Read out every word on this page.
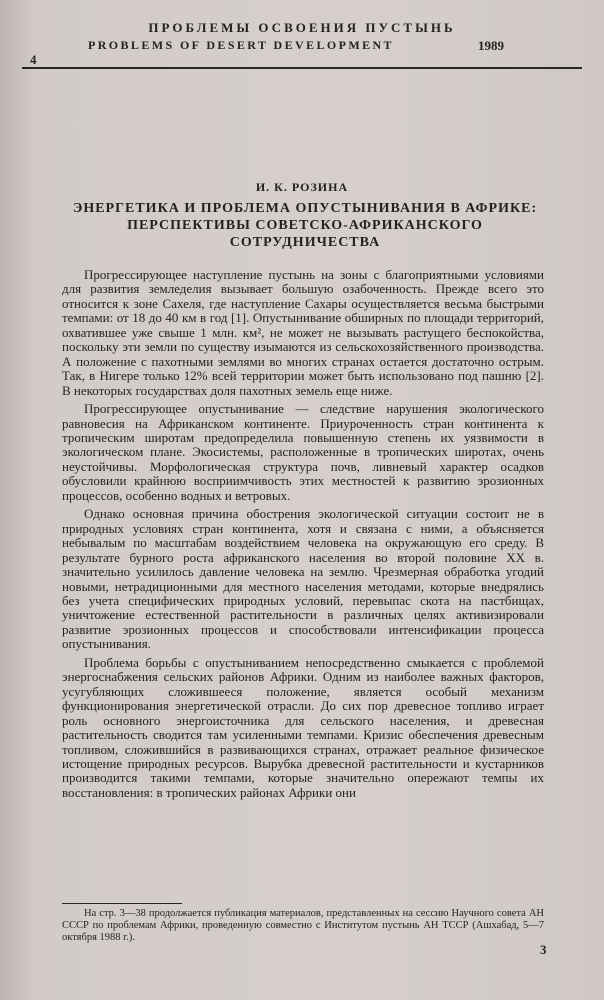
ПРОБЛЕМЫ ОСВОЕНИЯ ПУСТЫНЬ
4
PROBLEMS OF DESERT DEVELOPMENT	1989
И. К. РОЗИНА
ЭНЕРГЕТИКА И ПРОБЛЕМА ОПУСТЫНИВАНИЯ В АФРИКЕ:
ПЕРСПЕКТИВЫ СОВЕТСКО-АФРИКАНСКОГО
СОТРУДНИЧЕСТВА

Прогрессирующее наступление пустынь на зоны с благоприятными условиями для развития земледелия вызывает большую озабоченность. Прежде всего это относится к зоне Сахеля, где наступление Сахары осуществляется весьма быстрыми темпами: от 18 до 40 км в год [1]. Опустынивание обширных по площади территорий, охватившее уже свыше 1 млн. км², не может не вызывать растущего беспокойства, поскольку эти земли по существу изымаются из сельскохозяйственного производства. А положение с пахотными землями во многих странах остается достаточно острым. Так, в Нигере только 12% всей территории может быть использовано под пашню [2]. В некоторых государствах доля пахотных земель еще ниже.

Прогрессирующее опустынивание — следствие нарушения экологического равновесия на Африканском континенте. Приуроченность стран континента к тропическим широтам предопределила повышенную степень их уязвимости в экологическом плане. Экосистемы, расположенные в тропических широтах, очень неустойчивы. Морфологическая структура почв, ливневый характер осадков обусловили крайнюю восприимчивость этих местностей к развитию эрозионных процессов, особенно водных и ветровых.

Однако основная причина обострения экологической ситуации состоит не в природных условиях стран континента, хотя и связана с ними, а объясняется небывалым по масштабам воздействием человека на окружающую его среду. В результате бурного роста африканского населения во второй половине XX в. значительно усилилось давление человека на землю. Чрезмерная обработка угодий новыми, нетрадиционными для местного населения методами, которые внедрялись без учета специфических природных условий, перевыпас скота на пастбищах, уничтожение естественной растительности в различных целях активизировали развитие эрозионных процессов и способствовали интенсификации процесса опустынивания.

Проблема борьбы с опустыниванием непосредственно смыкается с проблемой энергоснабжения сельских районов Африки. Одним из наиболее важных факторов, усугубляющих сложившееся положение, является особый механизм функционирования энергетической отрасли. До сих пор древесное топливо играет роль основного энергоисточника для сельского населения, и древесная растительность сводится там усиленными темпами. Кризис обеспечения древесным топливом, сложившийся в развивающихся странах, отражает реальное физическое истощение природных ресурсов. Вырубка древесной растительности и кустарников производится такими темпами, которые значительно опережают темпы их восстановления: в тропических районах Африки они

На стр. 3—38 продолжается публикация материалов, представленных на сессию Научного совета АН СССР по проблемам Африки, проведенную совместно с Институтом пустынь АН ТССР (Ашхабад, 5—7 октября 1988 г.).
3
